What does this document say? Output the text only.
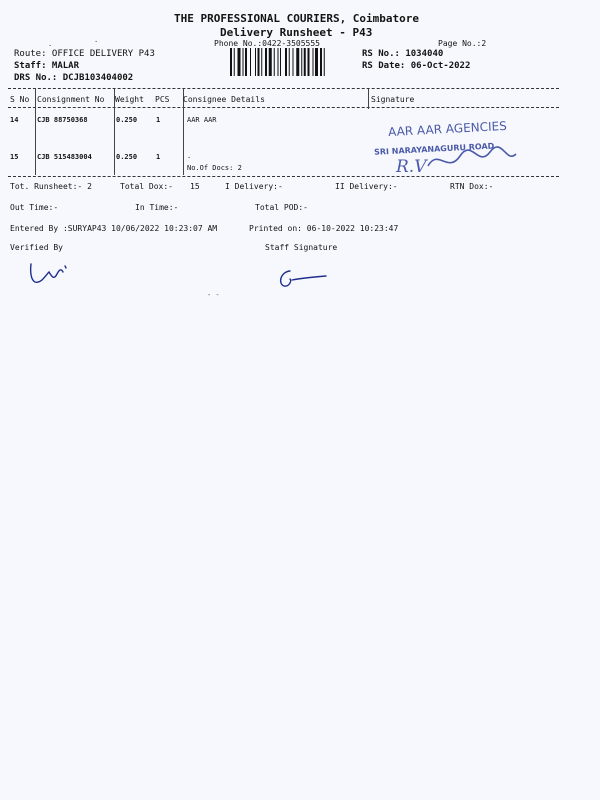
THE PROFESSIONAL COURIERS, Coimbatore
Delivery Runsheet - P43
Phone No.:0422-3505555	Page No.:2
Route: OFFICE DELIVERY P43
Staff: MALAR
DRS No.: DCJB103404002
RS No.: 1034040
RS Date: 06-Oct-2022
S No Consignment No Weight PCS Consignee Details	Signature
14	CJB 88750368	0.250	1	AAR AAR
15	CJB 515483004	0.250	1	.
No.Of Docs: 2
AAR AAR AGENCIES
SRI NARAYANAGURU ROAD
R.V
Tot. Runsheet:- 2	Total Dox:- 15	I Delivery:-	II Delivery:-	RTN Dox:-
Out Time:-	In Time:-	Total POD:-
Entered By :SURYAP43 10/06/2022 10:23:07 AM	Printed on: 06-10-2022 10:23:47
Verified By	Staff Signature
.	.
- -
